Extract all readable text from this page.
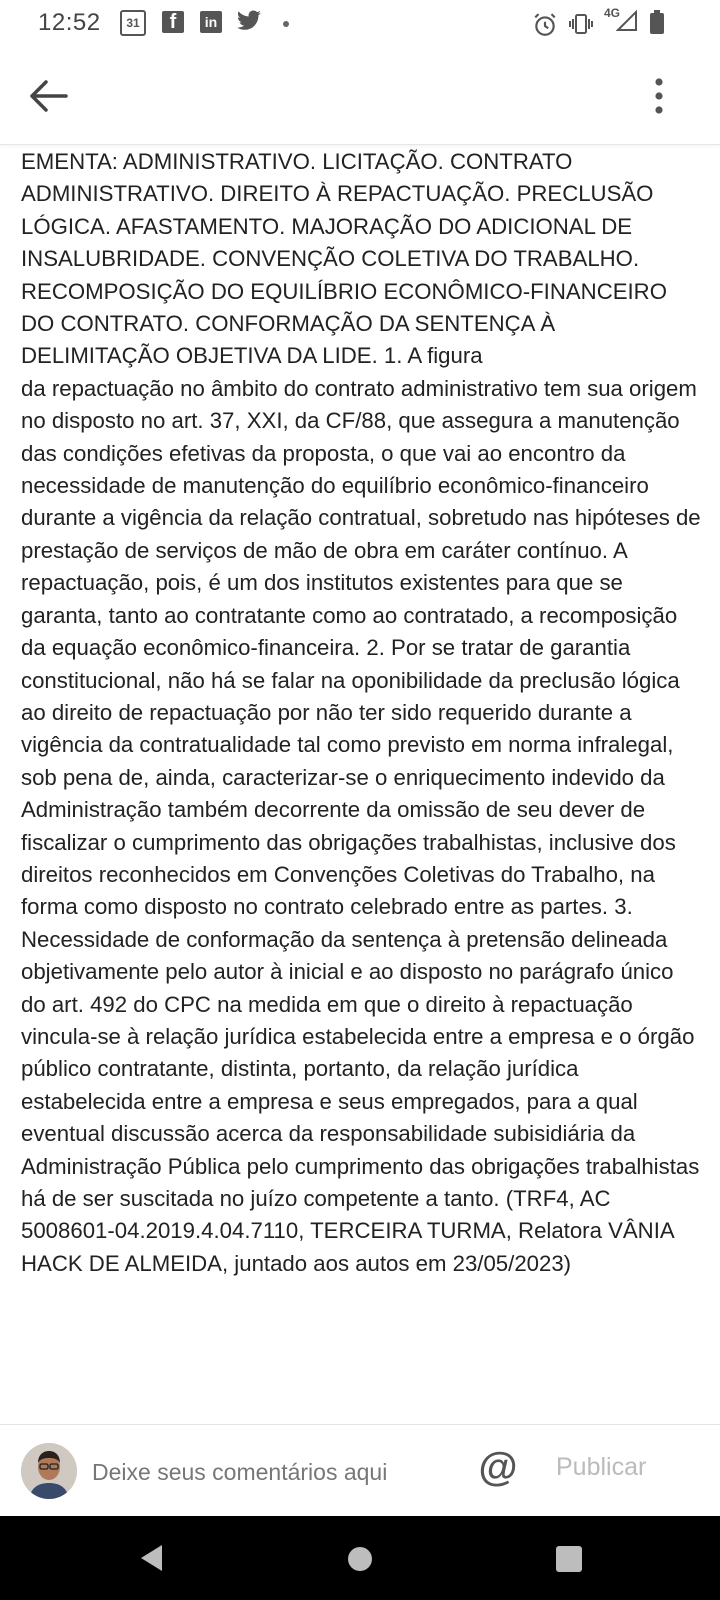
12:52	31	f	in
4G

EMENTA: ADMINISTRATIVO. LICITAÇÃO. CONTRATO ADMINISTRATIVO. DIREITO À REPACTUAÇÃO. PRECLUSÃO LÓGICA. AFASTAMENTO. MAJORAÇÃO DO ADICIONAL DE INSALUBRIDADE. CONVENÇÃO COLETIVA DO TRABALHO. RECOMPOSIÇÃO DO EQUILÍBRIO ECONÔMICO-FINANCEIRO DO CONTRATO. CONFORMAÇÃO DA SENTENÇA À DELIMITAÇÃO OBJETIVA DA LIDE. 1. A figura
da repactuação no âmbito do contrato administrativo tem sua origem no disposto no art. 37, XXI, da CF/88, que assegura a manutenção das condições efetivas da proposta, o que vai ao encontro da necessidade de manutenção do equilíbrio econômico-financeiro durante a vigência da relação contratual, sobretudo nas hipóteses de prestação de serviços de mão de obra em caráter contínuo. A repactuação, pois, é um dos institutos existentes para que se garanta, tanto ao contratante como ao contratado, a recomposição da equação econômico-financeira. 2. Por se tratar de garantia constitucional, não há se falar na oponibilidade da preclusão lógica ao direito de repactuação por não ter sido requerido durante a vigência da contratualidade tal como previsto em norma infralegal, sob pena de, ainda, caracterizar-se o enriquecimento indevido da Administração também decorrente da omissão de seu dever de fiscalizar o cumprimento das obrigações trabalhistas, inclusive dos direitos reconhecidos em Convenções Coletivas do Trabalho, na forma como disposto no contrato celebrado entre as partes. 3. Necessidade de conformação da sentença à pretensão delineada objetivamente pelo autor à inicial e ao disposto no parágrafo único do art. 492 do CPC na medida em que o direito à repactuação vincula-se à relação jurídica estabelecida entre a empresa e o órgão público contratante, distinta, portanto, da relação jurídica estabelecida entre a empresa e seus empregados, para a qual eventual discussão acerca da responsabilidade subisidiária da Administração Pública pelo cumprimento das obrigações trabalhistas há de ser suscitada no juízo competente a tanto. (TRF4, AC 5008601-04.2019.4.04.7110, TERCEIRA TURMA, Relatora VÂNIA HACK DE ALMEIDA, juntado aos autos em 23/05/2023)

Deixe seus comentários aqui
@ Publicar
